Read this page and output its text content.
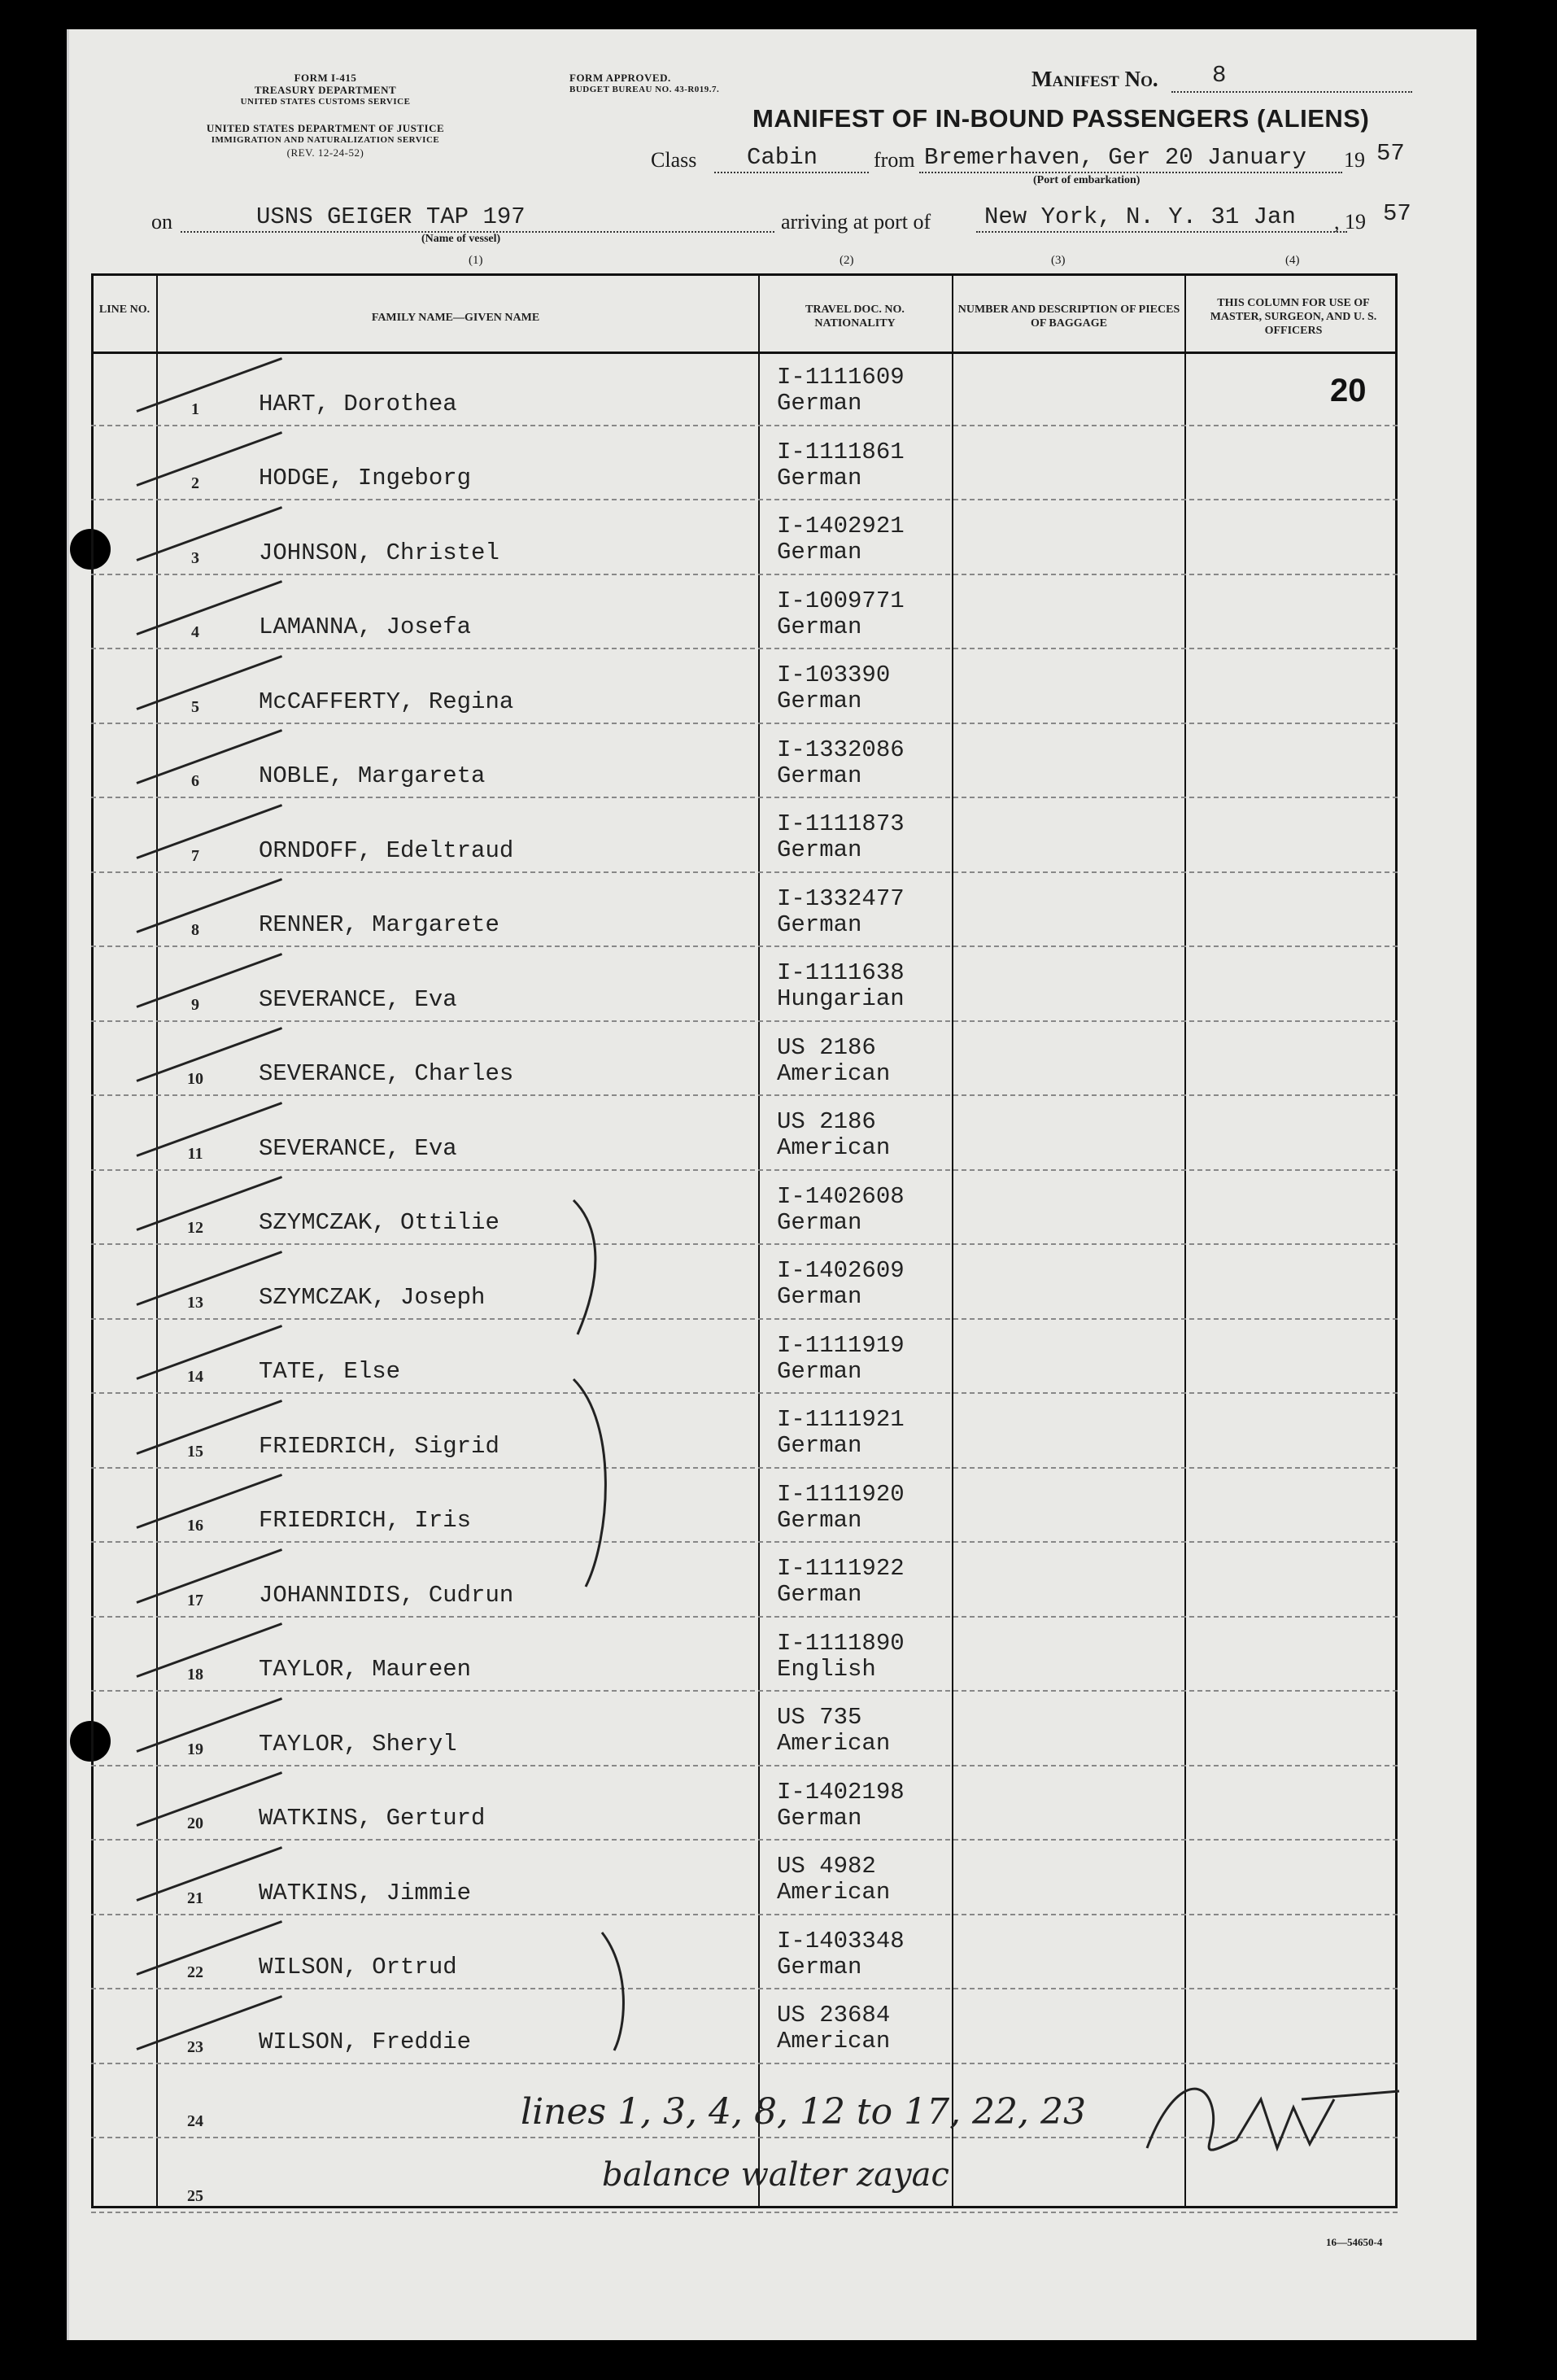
FORM I-415
TREASURY DEPARTMENT
UNITED STATES CUSTOMS SERVICE
UNITED STATES DEPARTMENT OF JUSTICE
IMMIGRATION AND NATURALIZATION SERVICE
(REV. 12-24-52)
FORM APPROVED.
BUDGET BUREAU NO. 43-R019.7.	Manifest No. 8
MANIFEST OF IN-BOUND PASSENGERS (ALIENS)
Class Cabin	from Bremerhaven, Ger 20 January 19 57
(Port of embarkation)
on	USNS GEIGER TAP 197
(Name of vessel)
arriving at port of New York, N. Y. 31 Jan , 19 57
(1)	(2)	(3)	(4)
LINE NO.
FAMILY NAME—GIVEN NAME
TRAVEL DOC. NO. NATIONALITY
NUMBER AND DESCRIPTION OF PIECES OF BAGGAGE
THIS COLUMN FOR USE OF MASTER, SURGEON, AND U. S. OFFICERS
20
1	HART, Dorothea
I-1111609
German
2	HODGE, Ingeborg
I-1111861
German
3	JOHNSON, Christel
I-1402921
German
4	LAMANNA, Josefa
I-1009771
German
5	McCAFFERTY, Regina
I-103390
German
6	NOBLE, Margareta
I-1332086
German
7	ORNDOFF, Edeltraud
I-1111873
German
8	RENNER, Margarete
I-1332477
German
9	SEVERANCE, Eva
I-1111638
Hungarian
10	SEVERANCE, Charles
US 2186
American
11	SEVERANCE, Eva
US 2186
American
12	SZYMCZAK, Ottilie
I-1402608
German
13	SZYMCZAK, Joseph
I-1402609
German
14	TATE, Else
I-1111919
German
15	FRIEDRICH, Sigrid
I-1111921
German
16	FRIEDRICH, Iris
I-1111920
German
17	JOHANNIDIS, Cudrun
I-1111922
German
18	TAYLOR, Maureen
I-1111890
English
19	TAYLOR, Sheryl
US 735
American
20	WATKINS, Gerturd
I-1402198
German
21	WATKINS, Jimmie
US 4982
American
22	WILSON, Ortrud
I-1403348
German
23	WILSON, Freddie
US 23684
American
24
25
lines 1, 3, 4, 8, 12 to 17, 22, 23
balance walter zayac
16—54650-4
